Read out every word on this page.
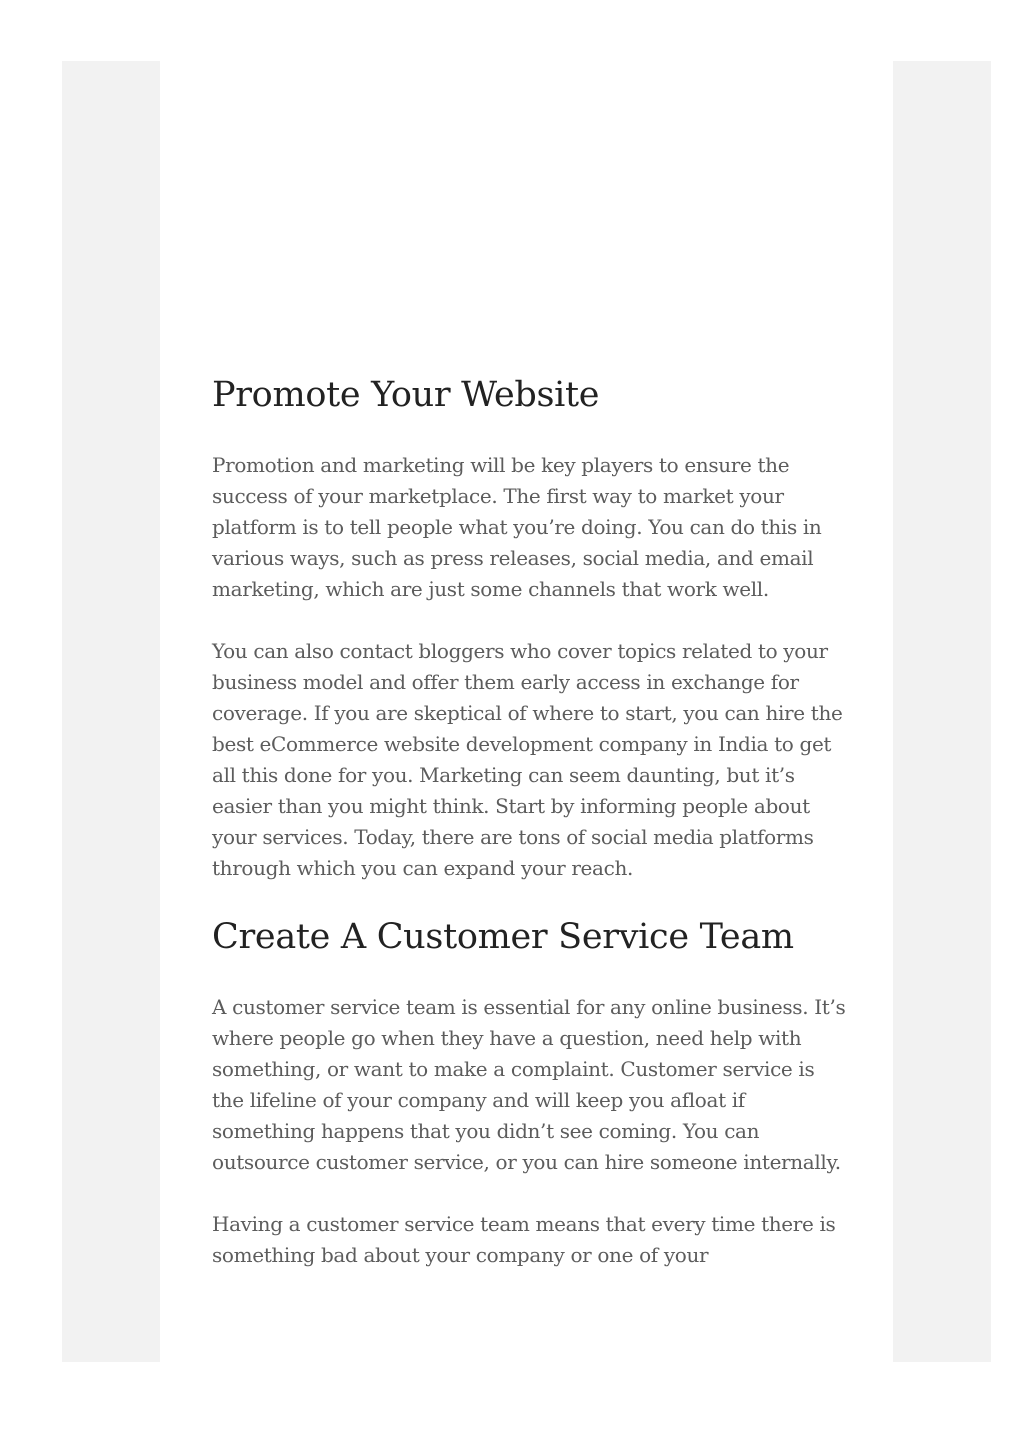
Promote Your Website

Promotion and marketing will be key players to ensure the success of your marketplace. The first way to market your platform is to tell people what you’re doing. You can do this in various ways, such as press releases, social media, and email marketing, which are just some channels that work well.

You can also contact bloggers who cover topics related to your business model and offer them early access in exchange for coverage. If you are skeptical of where to start, you can hire the best eCommerce website development company in India to get all this done for you. Marketing can seem daunting, but it’s easier than you might think. Start by informing people about your services. Today, there are tons of social media platforms through which you can expand your reach.

Create A Customer Service Team

A customer service team is essential for any online business. It’s where people go when they have a question, need help with something, or want to make a complaint. Customer service is the lifeline of your company and will keep you afloat if something happens that you didn’t see coming. You can outsource customer service, or you can hire someone internally.

Having a customer service team means that every time there is something bad about your company or one of your
